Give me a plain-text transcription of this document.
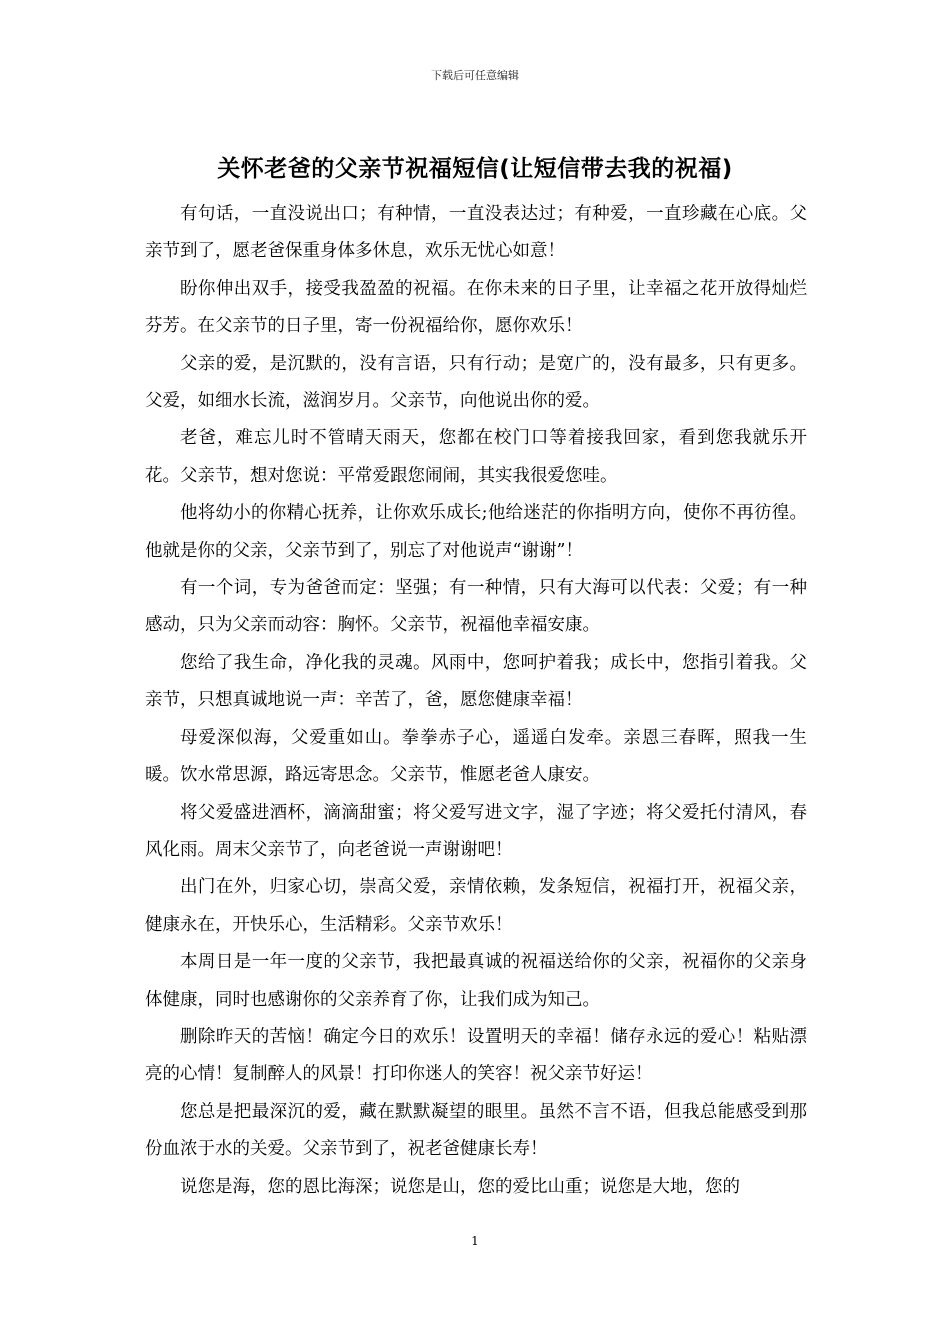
下载后可任意编辑
关怀老爸的父亲节祝福短信(让短信带去我的祝福)

有句话，一直没说出口；有种情，一直没表达过；有种爱，一直珍藏在心底。父亲节到了，愿老爸保重身体多休息，欢乐无忧心如意！

盼你伸出双手，接受我盈盈的祝福。在你未来的日子里，让幸福之花开放得灿烂芬芳。在父亲节的日子里，寄一份祝福给你，愿你欢乐！

父亲的爱，是沉默的，没有言语，只有行动；是宽广的，没有最多，只有更多。父爱，如细水长流，滋润岁月。父亲节，向他说出你的爱。

老爸，难忘儿时不管晴天雨天，您都在校门口等着接我回家，看到您我就乐开花。父亲节，想对您说：平常爱跟您闹闹，其实我很爱您哇。

他将幼小的你精心抚养，让你欢乐成长;他给迷茫的你指明方向，使你不再彷徨。他就是你的父亲，父亲节到了，别忘了对他说声“谢谢”！

有一个词，专为爸爸而定：坚强；有一种情，只有大海可以代表：父爱；有一种感动，只为父亲而动容：胸怀。父亲节，祝福他幸福安康。

您给了我生命，净化我的灵魂。风雨中，您呵护着我；成长中，您指引着我。父亲节，只想真诚地说一声：辛苦了，爸，愿您健康幸福！

母爱深似海，父爱重如山。拳拳赤子心，遥遥白发牵。亲恩三春晖，照我一生暖。饮水常思源，路远寄思念。父亲节，惟愿老爸人康安。

将父爱盛进酒杯，滴滴甜蜜；将父爱写进文字，湿了字迹；将父爱托付清风，春风化雨。周末父亲节了，向老爸说一声谢谢吧！

出门在外，归家心切，崇高父爱，亲情依赖，发条短信，祝福打开，祝福父亲，健康永在，开快乐心，生活精彩。父亲节欢乐！

本周日是一年一度的父亲节，我把最真诚的祝福送给你的父亲，祝福你的父亲身体健康，同时也感谢你的父亲养育了你，让我们成为知己。

删除昨天的苦恼！确定今日的欢乐！设置明天的幸福！储存永远的爱心！粘贴漂亮的心情！复制醉人的风景！打印你迷人的笑容！祝父亲节好运！

您总是把最深沉的爱，藏在默默凝望的眼里。虽然不言不语，但我总能感受到那份血浓于水的关爱。父亲节到了，祝老爸健康长寿！

说您是海，您的恩比海深；说您是山，您的爱比山重；说您是大地，您的

1
